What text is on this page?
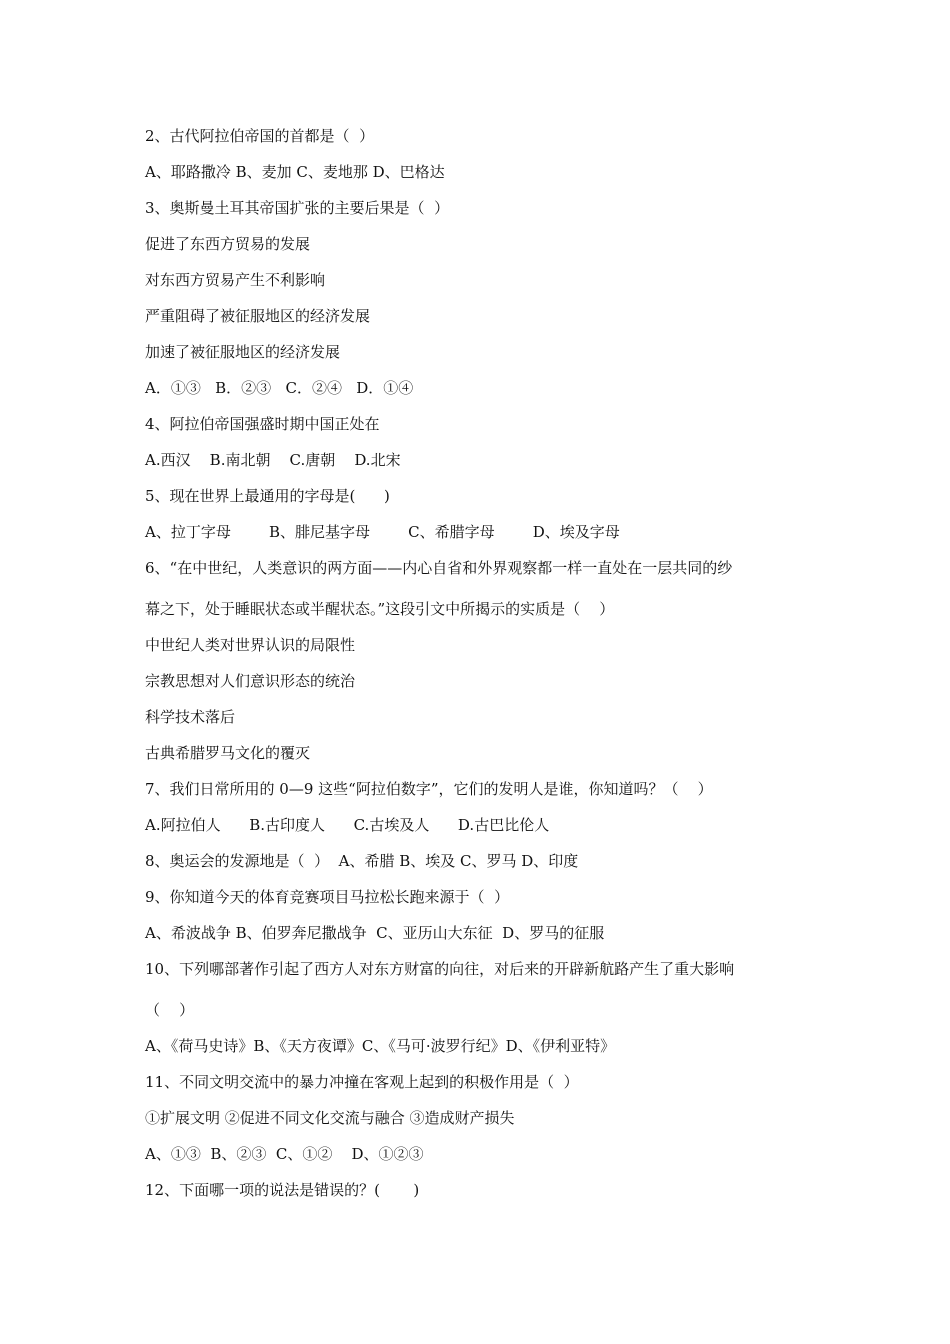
2、古代阿拉伯帝国的首都是（  ）
A、耶路撒冷 B、麦加 C、麦地那 D、巴格达
3、奥斯曼土耳其帝国扩张的主要后果是（  ）
促进了东西方贸易的发展
对东西方贸易产生不利影响
严重阻碍了被征服地区的经济发展
加速了被征服地区的经济发展
A．①③   B．②③   C．②④   D．①④
4、阿拉伯帝国强盛时期中国正处在
A.西汉    B.南北朝    C.唐朝    D.北宋
5、现在世界上最通用的字母是(      )
A、拉丁字母        B、腓尼基字母        C、希腊字母        D、埃及字母
6、“在中世纪，人类意识的两方面——内心自省和外界观察都一样一直处在一层共同的纱
幕之下，处于睡眠状态或半醒状态。”这段引文中所揭示的实质是（    ）
中世纪人类对世界认识的局限性
宗教思想对人们意识形态的统治
科学技术落后
古典希腊罗马文化的覆灭
7、我们日常所用的 0—9 这些“阿拉伯数字”，它们的发明人是谁，你知道吗？（    ）
A.阿拉伯人      B.古印度人      C.古埃及人      D.古巴比伦人
8、奥运会的发源地是（  ）  A、希腊 B、埃及 C、罗马 D、印度
9、你知道今天的体育竞赛项目马拉松长跑来源于（  ）
A、希波战争 B、伯罗奔尼撒战争  C、亚历山大东征  D、罗马的征服
10、下列哪部著作引起了西方人对东方财富的向往，对后来的开辟新航路产生了重大影响
（    ）
A、《荷马史诗》B、《天方夜谭》C、《马可·波罗行纪》D、《伊利亚特》
11、不同文明交流中的暴力冲撞在客观上起到的积极作用是（  ）
①扩展文明 ②促进不同文化交流与融合 ③造成财产损失
A、①③  B、②③  C、①②    D、①②③
12、下面哪一项的说法是错误的？(       )
